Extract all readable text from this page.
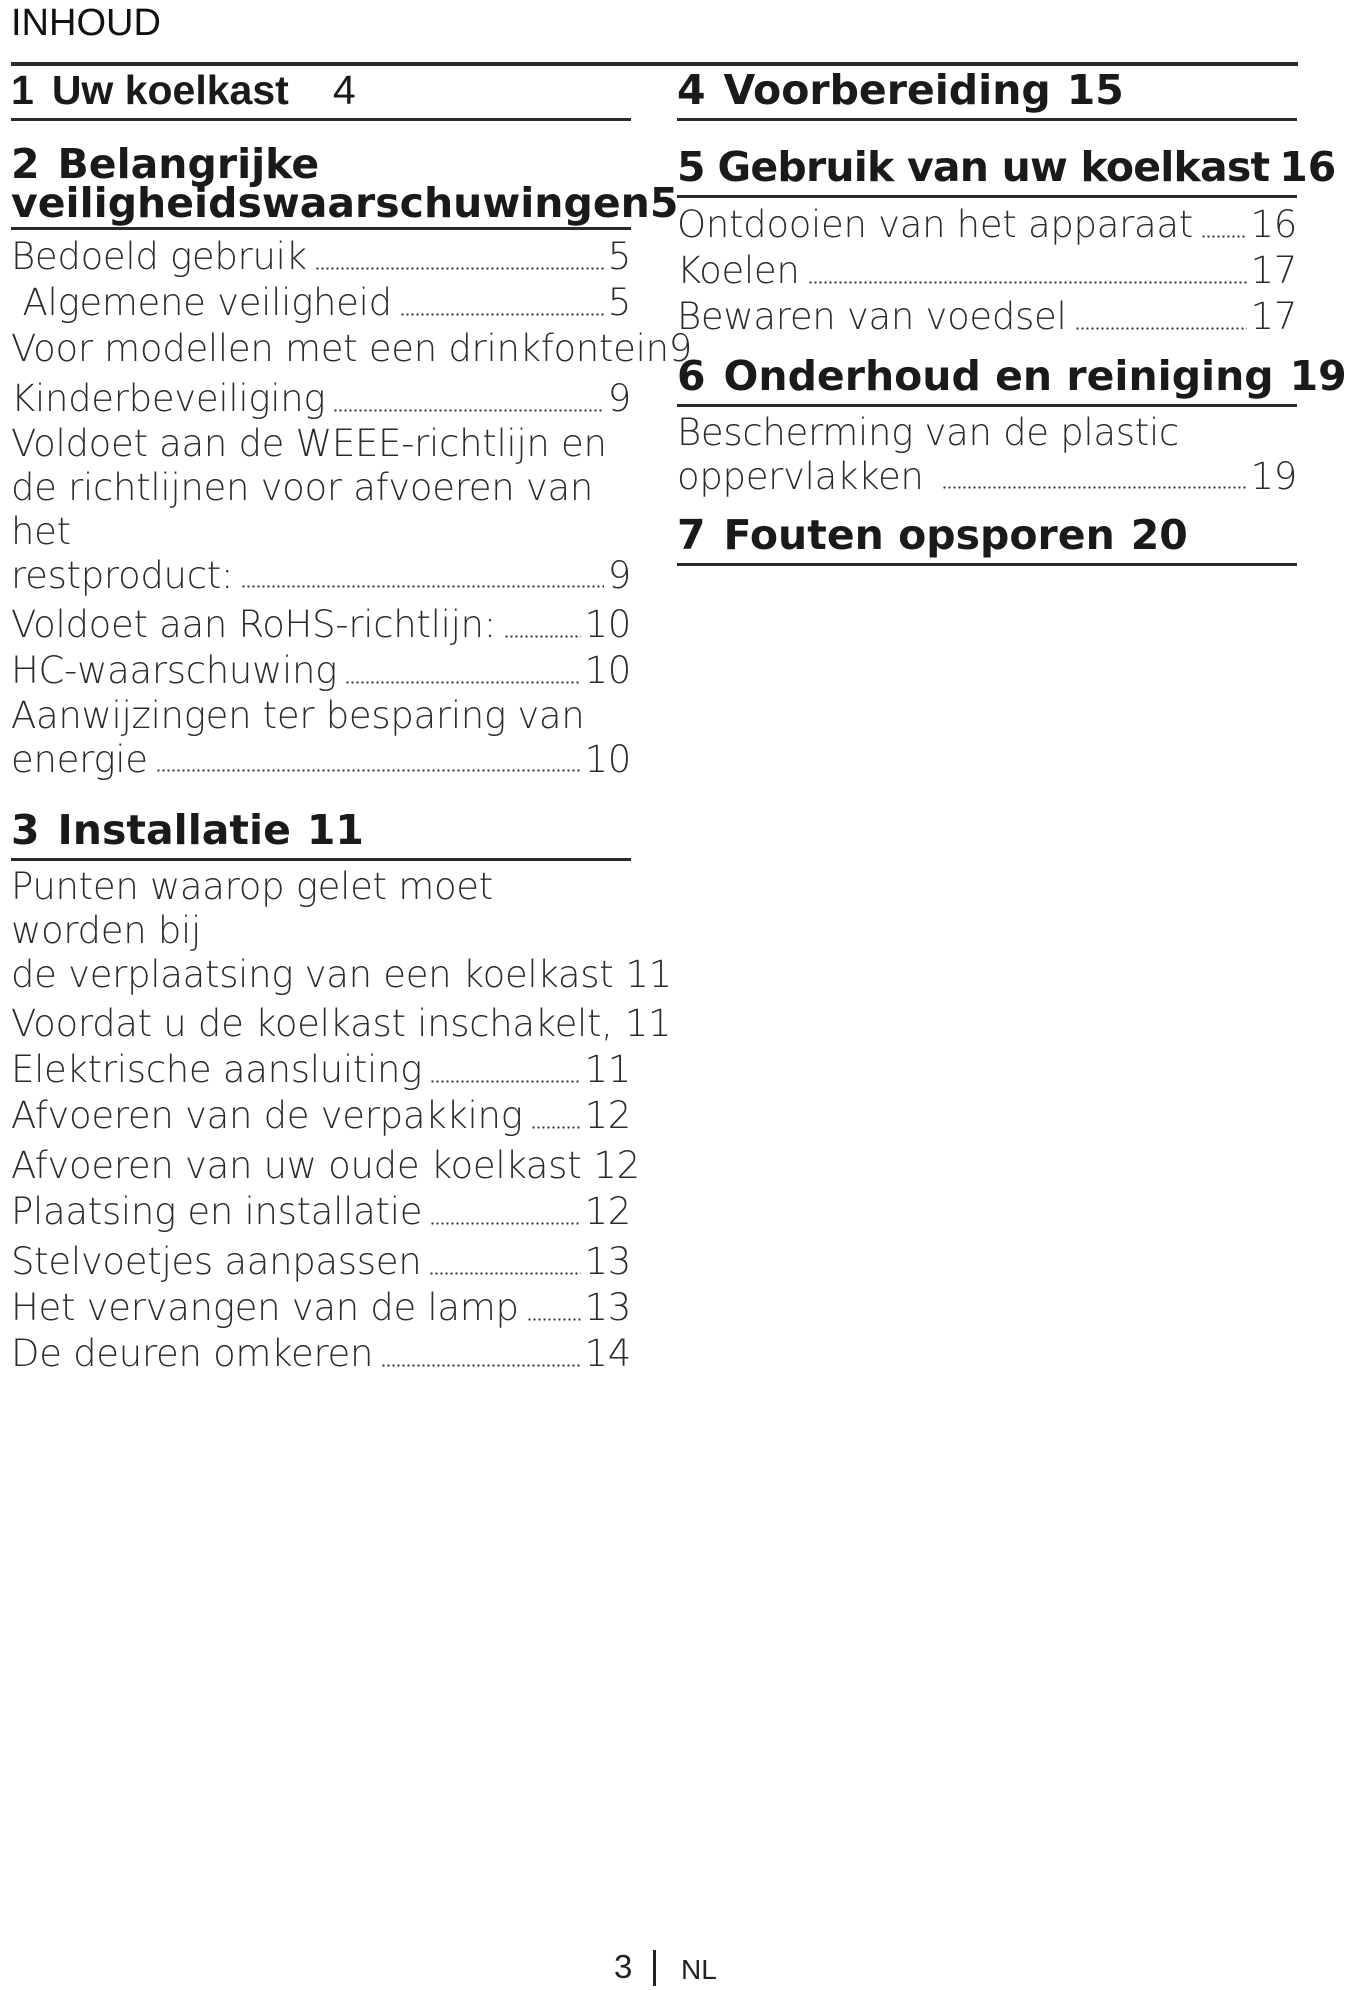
INHOUD
1 Uw koelkast 4
2 Belangrijke
veiligheidswaarschuwingen 5
Bedoeld gebruik	5
Algemene veiligheid	5
Voor modellen met een drinkfontein 9
Kinderbeveiliging	9
Voldoet aan de WEEE-richtlijn en
de richtlijnen voor afvoeren van het
restproduct:	9
Voldoet aan RoHS-richtlijn: 10
HC-waarschuwing	10
Aanwijzingen ter besparing van
energie	10
3 Installatie 11
Punten waarop gelet moet worden bij
de verplaatsing van een koelkast 11
Voordat u de koelkast inschakelt, 11
Elektrische aansluiting	11
Afvoeren van de verpakking 12
Afvoeren van uw oude koelkast 12
Plaatsing en installatie	12
Stelvoetjes aanpassen	13
Het vervangen van de lamp 13
De deuren omkeren	14
4 Voorbereiding 15
5 Gebruik van uw koelkast 16
Ontdooien van het apparaat 16
Koelen	17
Bewaren van voedsel	17
6 Onderhoud en reiniging 19
Bescherming van de plastic
oppervlakken	19
7 Fouten opsporen 20
3 NL
